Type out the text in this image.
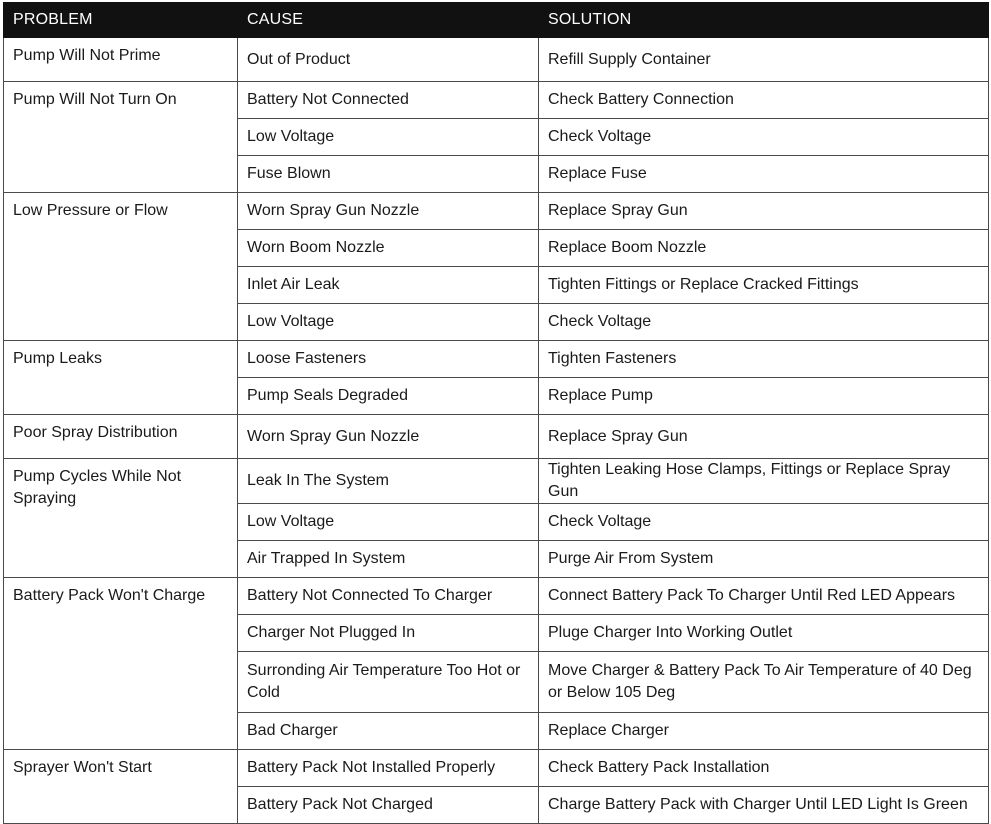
PROBLEM	CAUSE	SOLUTION
Pump Will Not Prime	Out of Product	Refill Supply Container
Pump Will Not Turn On	Battery Not Connected	Check Battery Connection
	Low Voltage	Check Voltage
	Fuse Blown	Replace Fuse
Low Pressure or Flow	Worn Spray Gun Nozzle	Replace Spray Gun
	Worn Boom Nozzle	Replace Boom Nozzle
	Inlet Air Leak	Tighten Fittings or Replace Cracked Fittings
	Low Voltage	Check Voltage
Pump Leaks	Loose Fasteners	Tighten Fasteners
	Pump Seals Degraded	Replace Pump
Poor Spray Distribution	Worn Spray Gun Nozzle	Replace Spray Gun
Pump Cycles While Not Spraying	Leak In The System	Tighten Leaking Hose Clamps, Fittings or Replace Spray Gun
	Low Voltage	Check Voltage
	Air Trapped In System	Purge Air From System
Battery Pack Won't Charge	Battery Not Connected To Charger	Connect Battery Pack To Charger Until Red LED Appears
	Charger Not Plugged In	Pluge Charger Into Working Outlet
	Surronding Air Temperature Too Hot or Cold	Move Charger & Battery Pack To Air Temperature of 40 Deg or Below 105 Deg
	Bad Charger	Replace Charger
Sprayer Won't Start	Battery Pack Not Installed Properly	Check Battery Pack Installation
	Battery Pack Not Charged	Charge Battery Pack with Charger Until LED Light Is Green
